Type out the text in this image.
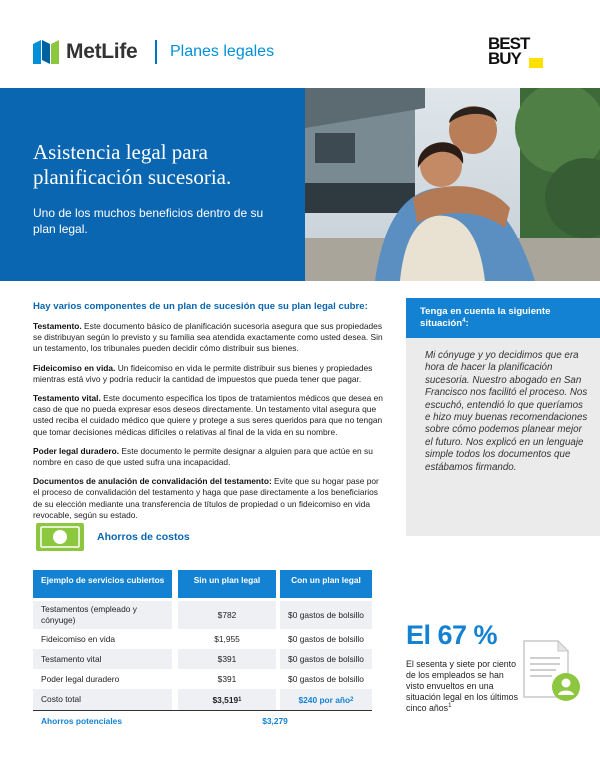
MetLife Planes legales	BEST
BUY
Asistencia legal para planificación sucesoria.
Uno de los muchos beneficios dentro de su plan legal.
Hay varios componentes de un plan de sucesión que su plan legal cubre:

Testamento. Este documento básico de planificación sucesoria asegura que sus propiedades se distribuyan según lo previsto y su familia sea atendida exactamente como usted desea. Sin un testamento, los tribunales pueden decidir cómo distribuir sus bienes.

Fideicomiso en vida. Un fideicomiso en vida le permite distribuir sus bienes y propiedades mientras está vivo y podría reducir la cantidad de impuestos que pueda tener que pagar.

Testamento vital. Este documento especifica los tipos de tratamientos médicos que desea en caso de que no pueda expresar esos deseos directamente. Un testamento vital asegura que usted reciba el cuidado médico que quiere y protege a sus seres queridos para que no tengan que tomar decisiones médicas difíciles o relativas al final de la vida en su nombre.

Poder legal duradero. Este documento le permite designar a alguien para que actúe en su nombre en caso de que usted sufra una incapacidad.

Documentos de anulación de convalidación del testamento: Evite que su hogar pase por el proceso de convalidación del testamento y haga que pase directamente a los beneficiarios de su elección mediante una transferencia de títulos de propiedad o un fideicomiso en vida revocable, según su estado.

Tenga en cuenta la siguiente situación$^4$:
Mi cónyuge y yo decidimos que era hora de hacer la planificación sucesoria. Nuestro abogado en San Francisco nos facilitó el proceso. Nos escuchó, entendió lo que queríamos e hizo muy buenas recomendaciones sobre cómo podemos planear mejor el futuro. Nos explicó en un lenguaje simple todos los documentos que estábamos firmando.
Ahorros de costos
Ejemplo de servicios cubiertos	Sin un plan legal	Con un plan legal
Testamentos (empleado y cónyuge)	$782	$0 gastos de bolsillo
Fideicomiso en vida	$1,955	$0 gastos de bolsillo
Testamento vital	$391	$0 gastos de bolsillo
Poder legal duradero	$391	$0 gastos de bolsillo
Costo total	$3,519 1	$240 por año 2
Ahorros potenciales	$3,279
El 67 %
El sesenta y siete por ciento de los empleados se han visto envueltos en una situación legal en los últimos cinco años$^1$
